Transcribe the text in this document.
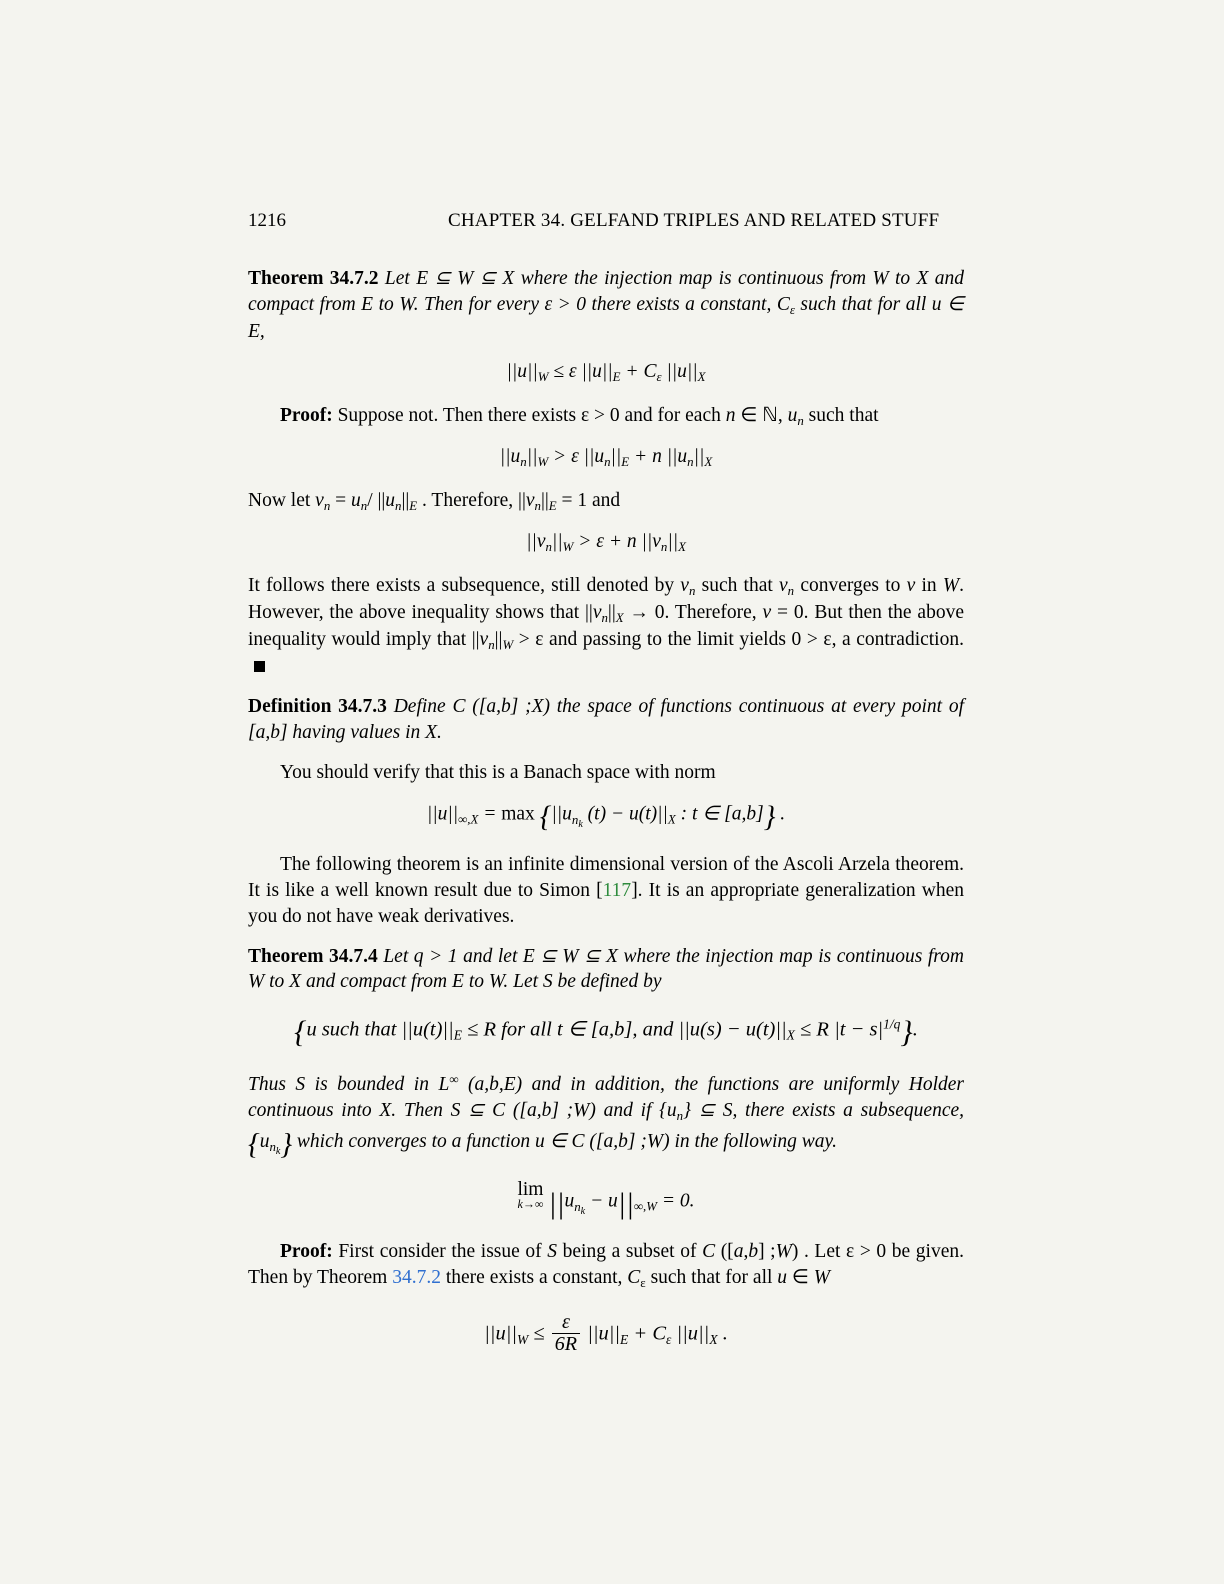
1216	CHAPTER 34. GELFAND TRIPLES AND RELATED STUFF

Theorem 34.7.2 Let E ⊆ W ⊆ X where the injection map is continuous from W to X and compact from E to W. Then for every ε > 0 there exists a constant, $C_\varepsilon$ such that for all u ∈ E,

$||u||_W \le \varepsilon$ $||u||_E + C_\varepsilon$ $||u||_X$

Proof: Suppose not. Then there exists ε > 0 and for each n ∈ ℕ, $u_n$ such that

$||u_n||_W > \varepsilon$ $||u_n||_E + n$ $||u_n||_X$

Now let $v_n = u_n/$ $||u_n||_E$ . Therefore, $||v_n||_E = 1$ and

$||v_n||_W > \varepsilon + n$ $||v_n||_X$

It follows there exists a subsequence, still denoted by $v_n$ such that $v_n$ converges to v in W. However, the above inequality shows that $||v_n||_X \to 0$. Therefore, v = 0. But then the above inequality would imply that $||v_n||_W > \varepsilon$ and passing to the limit yields 0 > ε, a contradiction.

Definition 34.7.3 Define C ([a,b] ;X) the space of functions continuous at every point of [a,b] having values in X.

You should verify that this is a Banach space with norm

$||u||_{\infty,X} = \max \{||u_{n_k}$ $(t) - u(t)||_X$ : t ∈ [a,b]} .

The following theorem is an infinite dimensional version of the Ascoli Arzela theorem. It is like a well known result due to Simon [117]. It is an appropriate generalization when you do not have weak derivatives.

Theorem 34.7.4 Let q > 1 and let E ⊆ W ⊆ X where the injection map is continuous from W to X and compact from E to W. Let S be defined by

{u such that $||u(t)||_E \le R$ for all t ∈ [a,b], and $||u(s) - u(t)||_X \le R$ $|t - s|^{1/q}$}.

Thus S is bounded in L∞ (a,b,E) and in addition, the functions are uniformly Holder continuous into X. Then S ⊆ C ([a,b] ;W) and if $\{u_n\}$ ⊆ S, there exists a subsequence, $\{u_{n_k}\}$ which converges to a function u ∈ C ([a,b] ;W) in the following way.

lim
k→∞ $||u_{n_k} - u||_{\infty,W} = 0$.

Proof: First consider the issue of S being a subset of C ([a,b] ;W) . Let ε > 0 be given. Then by Theorem 34.7.2 there exists a constant, $C_\varepsilon$ such that for all u ∈ W

$||u||_W \le \frac{\varepsilon}{6R} ||u||_E + C_\varepsilon$ $||u||_X$ .
